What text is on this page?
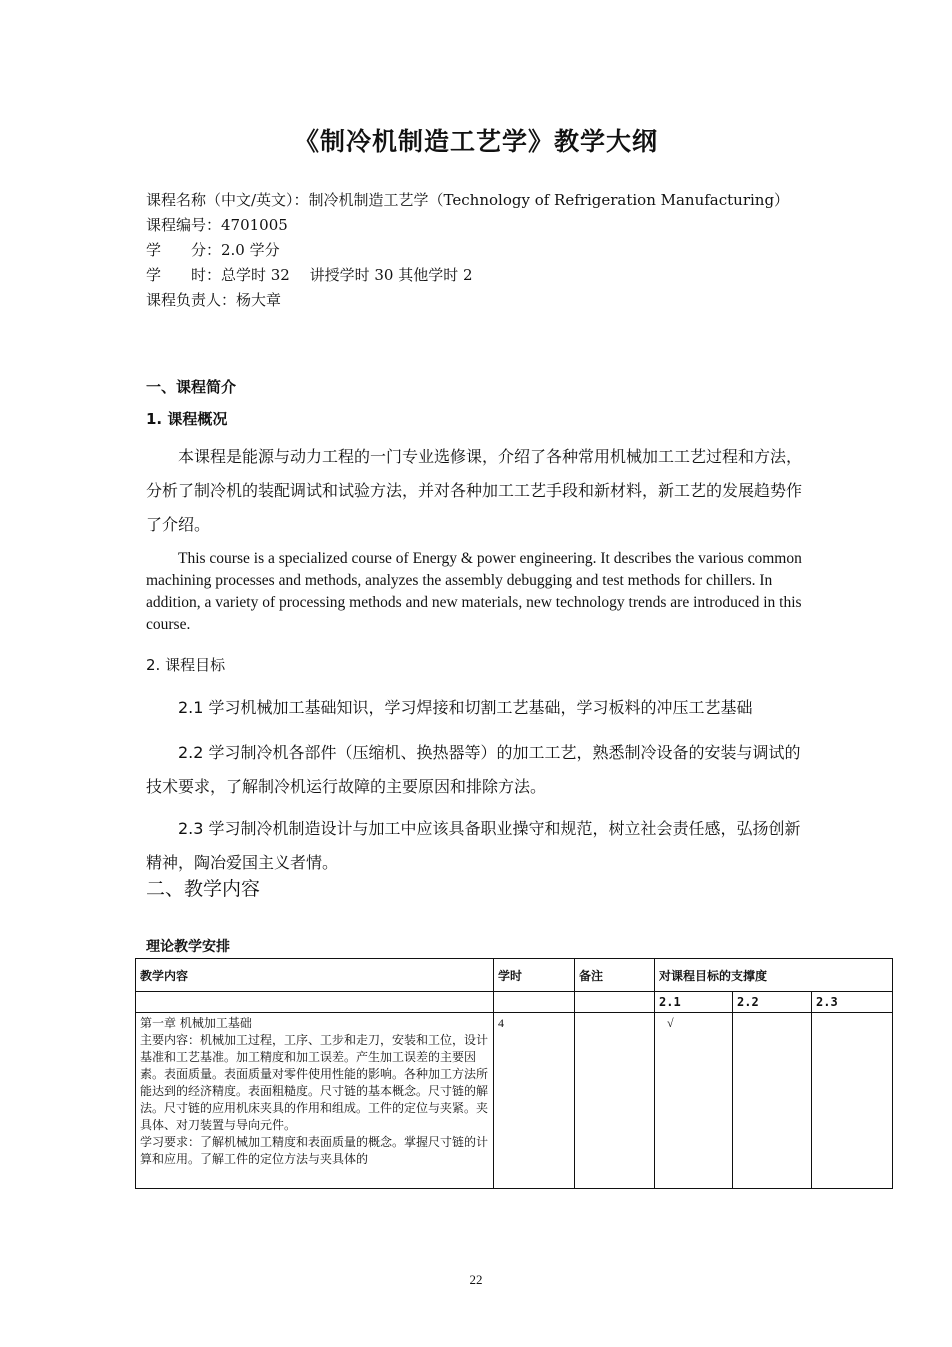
《制冷机制造工艺学》教学大纲
课程名称（中文/英文）：制冷机制造工艺学（Technology of Refrigeration Manufacturing）
课程编号：4701005
学　　分：2.0 学分
学　　时：总学时 32　 讲授学时 30 其他学时 2
课程负责人：杨大章
一、课程简介
1. 课程概况
本课程是能源与动力工程的一门专业选修课，介绍了各种常用机械加工工艺过程和方法，分析了制冷机的装配调试和试验方法，并对各种加工工艺手段和新材料，新工艺的发展趋势作了介绍。
This course is a specialized course of Energy & power engineering. It describes the various common machining processes and methods, analyzes the assembly debugging and test methods for chillers. In addition, a variety of processing methods and new materials, new technology trends are introduced in this course.
2. 课程目标
2.1 学习机械加工基础知识，学习焊接和切割工艺基础，学习板料的冲压工艺基础
2.2 学习制冷机各部件（压缩机、换热器等）的加工工艺，熟悉制冷设备的安装与调试的技术要求，了解制冷机运行故障的主要原因和排除方法。
2.3 学习制冷机制造设计与加工中应该具备职业操守和规范，树立社会责任感，弘扬创新精神，陶冶爱国主义者情。
二、教学内容
理论教学安排
教学内容	学时	备注	对课程目标的支撑度		
			2.1	2.2	2.3

第一章 机械加工基础
主要内容：机械加工过程，工序、工步和走刀，安装和工位，设计基准和工艺基准。加工精度和加工误差。产生加工误差的主要因素。表面质量。表面质量对零件使用性能的影响。各种加工方法所能达到的经济精度。表面粗糙度。尺寸链的基本概念。尺寸链的解法。尺寸链的应用机床夹具的作用和组成。工件的定位与夹紧。夹具体、对刀装置与导向元件。
学习要求：了解机械加工精度和表面质量的概念。掌握尺寸链的计算和应用。了解工件的定位方法与夹具体的	4		√		
22
